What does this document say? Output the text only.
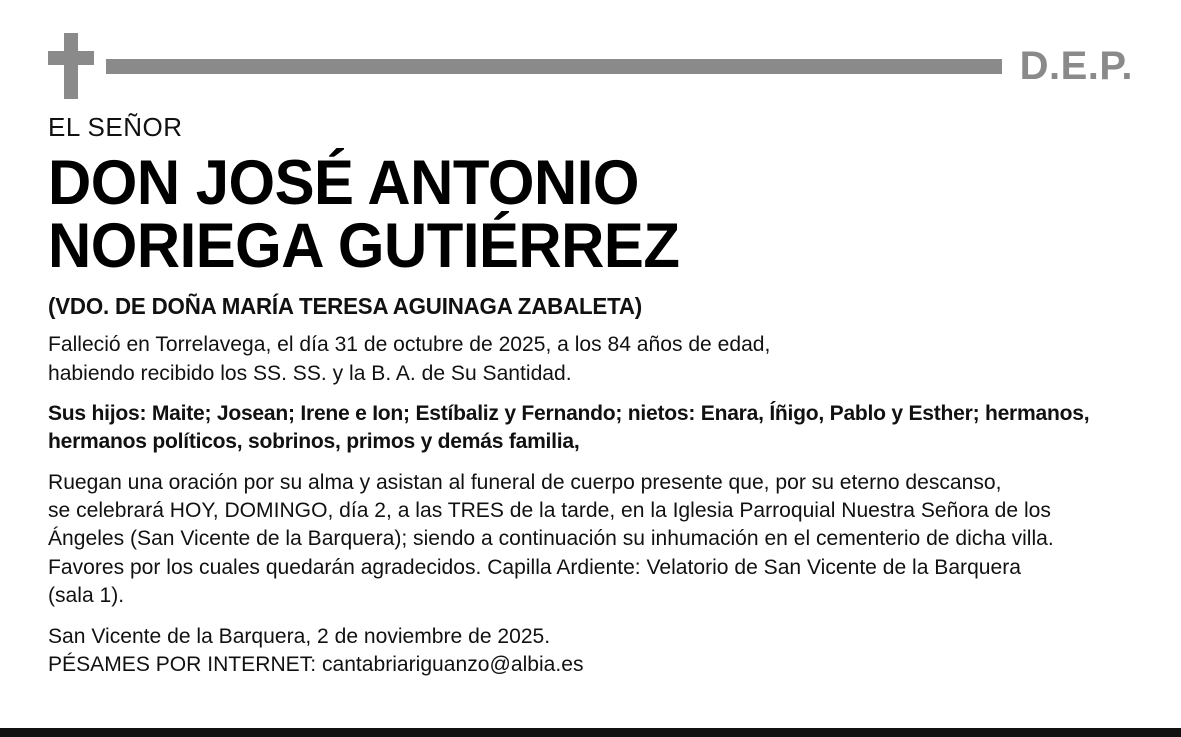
D.E.P.
EL SEÑOR
DON JOSÉ ANTONIO
NORIEGA GUTIÉRREZ
(VDO. DE DOÑA MARÍA TERESA AGUINAGA ZABALETA)

Falleció en Torrelavega, el día 31 de octubre de 2025, a los 84 años de edad,
habiendo recibido los SS. SS. y la B. A. de Su Santidad.

Sus hijos: Maite; Josean; Irene e Ion; Estíbaliz y Fernando; nietos: Enara, Íñigo, Pablo y Esther; hermanos,
hermanos políticos, sobrinos, primos y demás familia,

Ruegan una oración por su alma y asistan al funeral de cuerpo presente que, por su eterno descanso,
se celebrará HOY, DOMINGO, día 2, a las TRES de la tarde, en la Iglesia Parroquial Nuestra Señora de los
Ángeles (San Vicente de la Barquera); siendo a continuación su inhumación en el cementerio de dicha villa.
Favores por los cuales quedarán agradecidos. Capilla Ardiente: Velatorio de San Vicente de la Barquera
(sala 1).

San Vicente de la Barquera, 2 de noviembre de 2025.
PÉSAMES POR INTERNET: cantabriariguanzo@albia.es
